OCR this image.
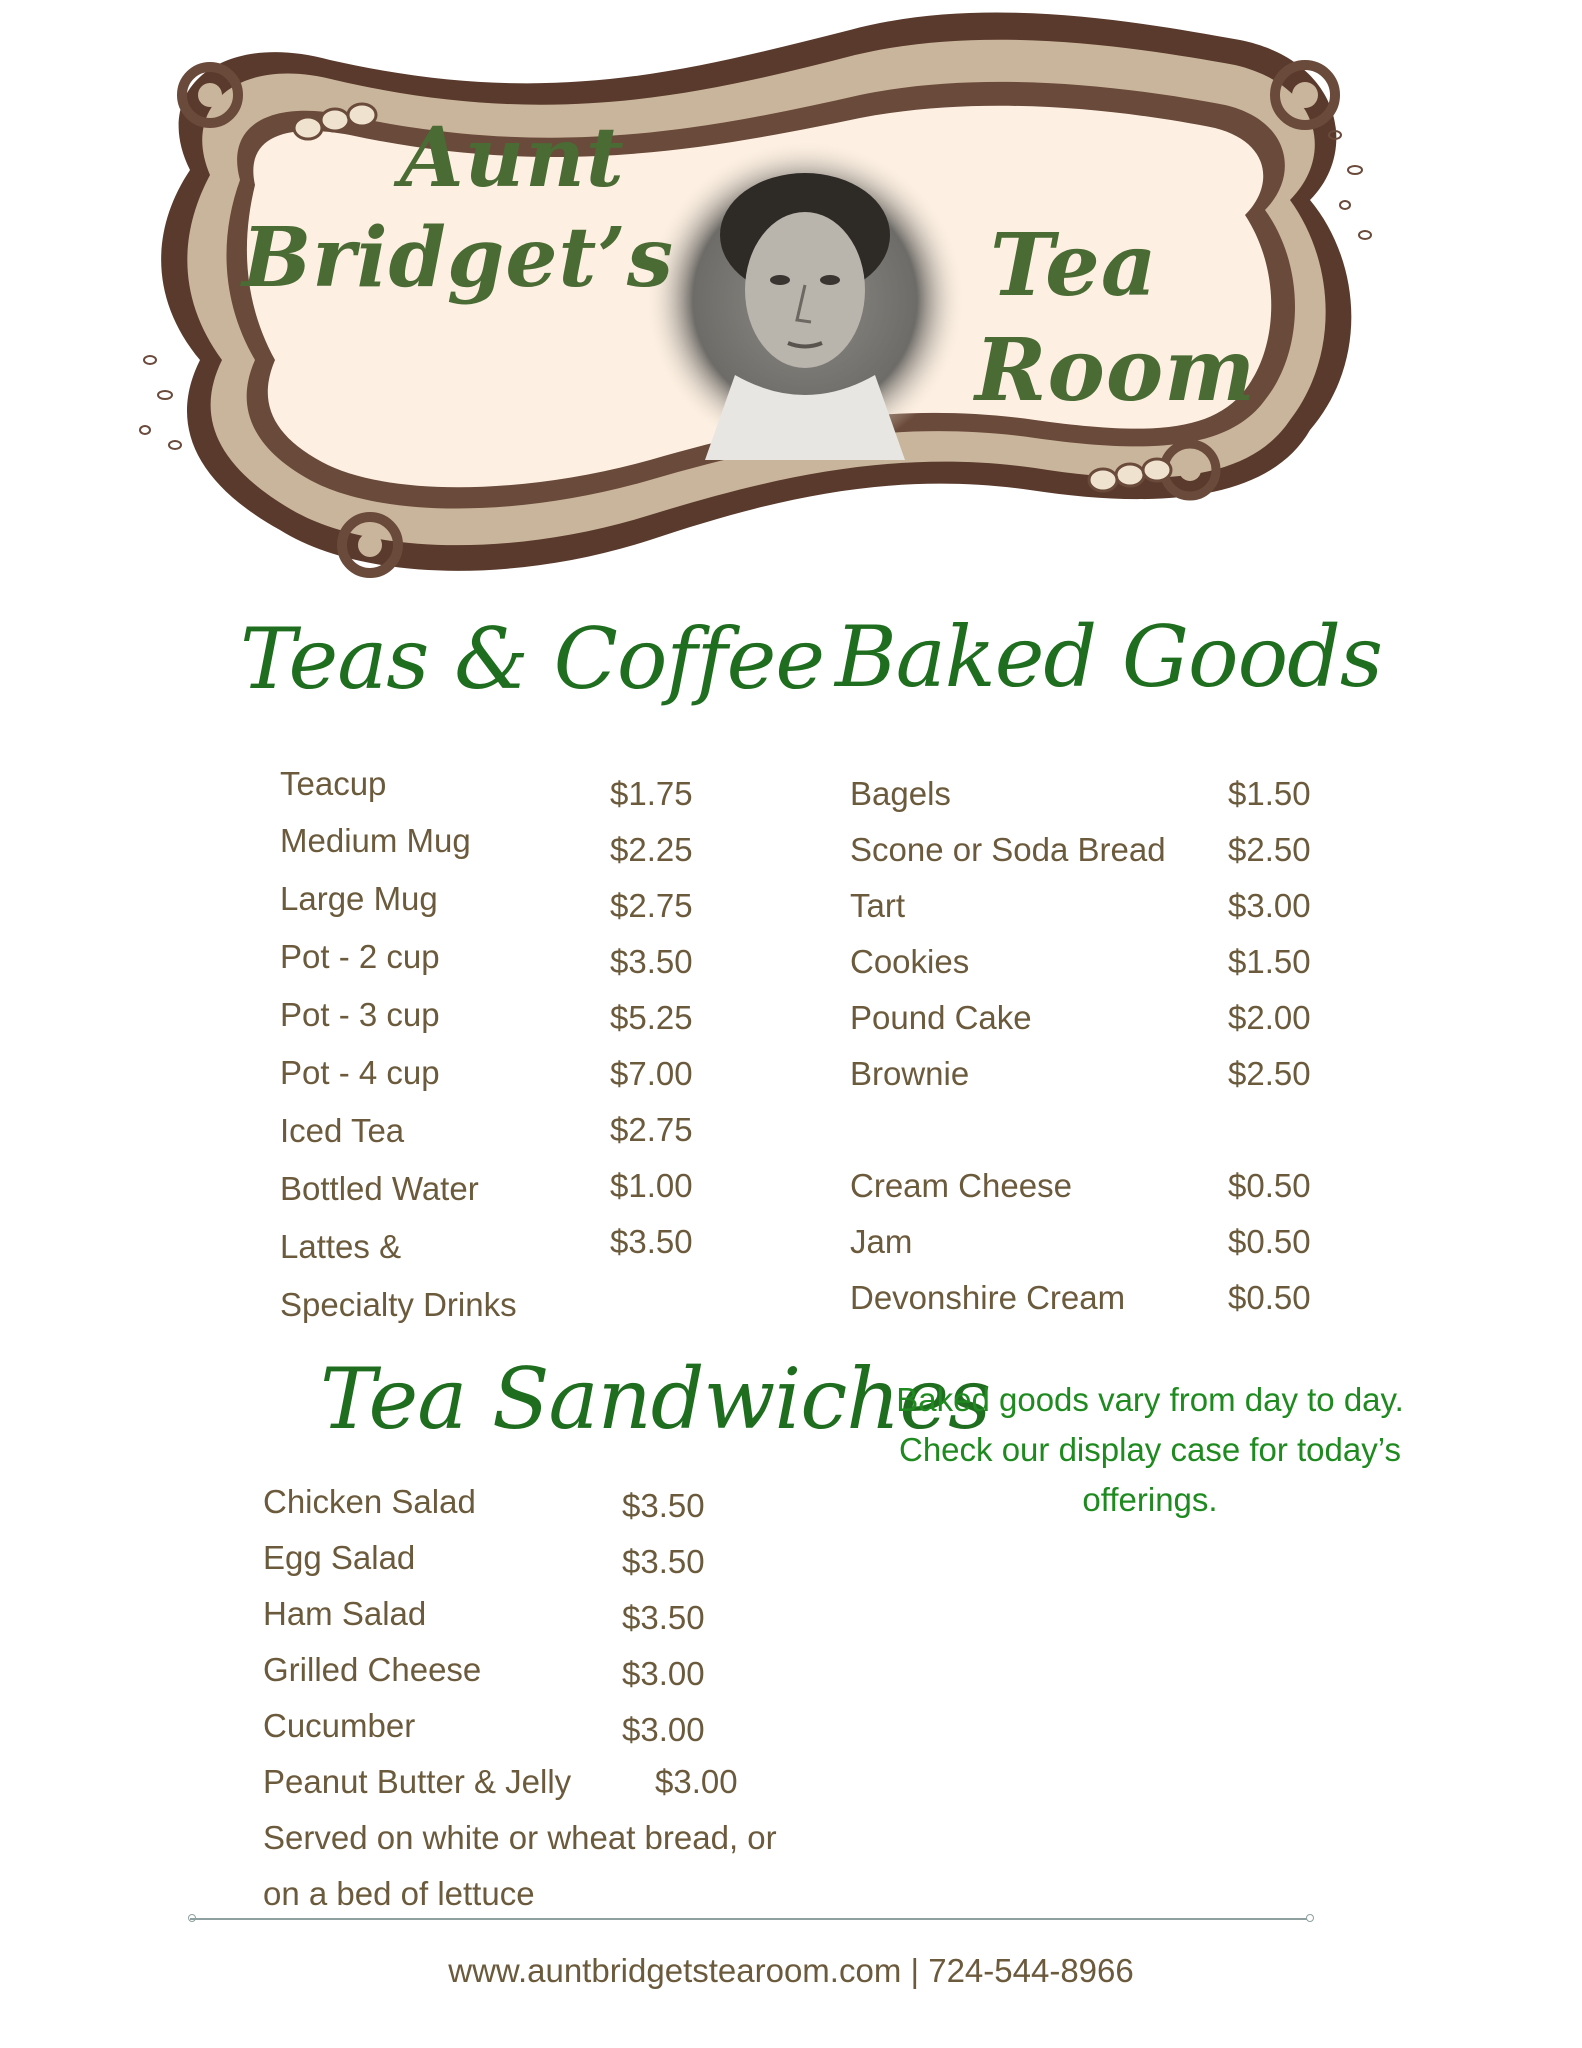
Aunt
Bridget’s	Tea
Room
Teas & Coffee Baked Goods
Tea Sandwiches
Teacup	$1.75
Medium Mug	$2.25
Large Mug	$2.75
Pot - 2 cup	$3.50
Pot - 3 cup	$5.25
Pot - 4 cup	$7.00
Iced Tea	$2.75
Bottled Water	$1.00
Lattes &	$3.50
Specialty Drinks
Bagels	$1.50
Scone or Soda Bread $2.50
Tart	$3.00
Cookies	$1.50
Pound Cake	$2.00
Brownie	$2.50
Cream Cheese	$0.50
Jam	$0.50
Devonshire Cream	$0.50
Baked goods vary from day to day.
Check our display case for today’s
offerings.
Chicken Salad	$3.50
Egg Salad	$3.50
Ham Salad	$3.50
Grilled Cheese	$3.00
Cucumber	$3.00
Peanut Butter & Jelly	$3.00
Served on white or wheat bread, or
on a bed of lettuce
www.auntbridgetstearoom.com | 724-544-8966
